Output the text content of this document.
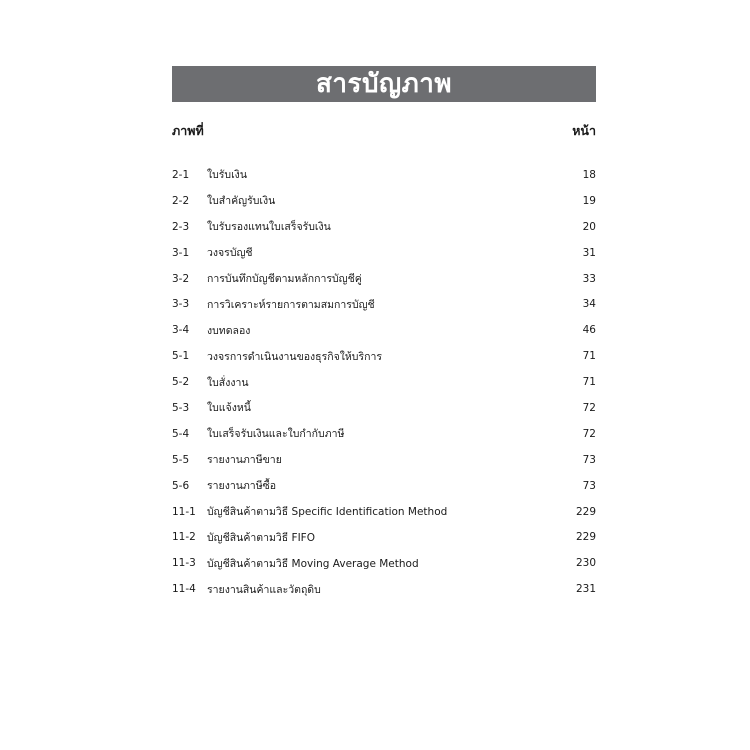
สารบัญภาพ
ภาพที่	หน้า
2-1	ใบรับเงิน	18
2-2	ใบสำคัญรับเงิน	19
2-3	ใบรับรองแทนใบเสร็จรับเงิน	20
3-1	วงจรบัญชี	31
3-2	การบันทึกบัญชีตามหลักการบัญชีคู่	33
3-3	การวิเคราะห์รายการตามสมการบัญชี	34
3-4	งบทดลอง	46
5-1	วงจรการดำเนินงานของธุรกิจให้บริการ	71
5-2	ใบสั่งงาน	71
5-3	ใบแจ้งหนี้	72
5-4	ใบเสร็จรับเงินและใบกำกับภาษี	72
5-5	รายงานภาษีขาย	73
5-6	รายงานภาษีซื้อ	73
11-1	บัญชีสินค้าตามวิธี Specific Identification Method	229
11-2	บัญชีสินค้าตามวิธี FIFO	229
11-3	บัญชีสินค้าตามวิธี Moving Average Method	230
11-4	รายงานสินค้าและวัตถุดิบ	231
